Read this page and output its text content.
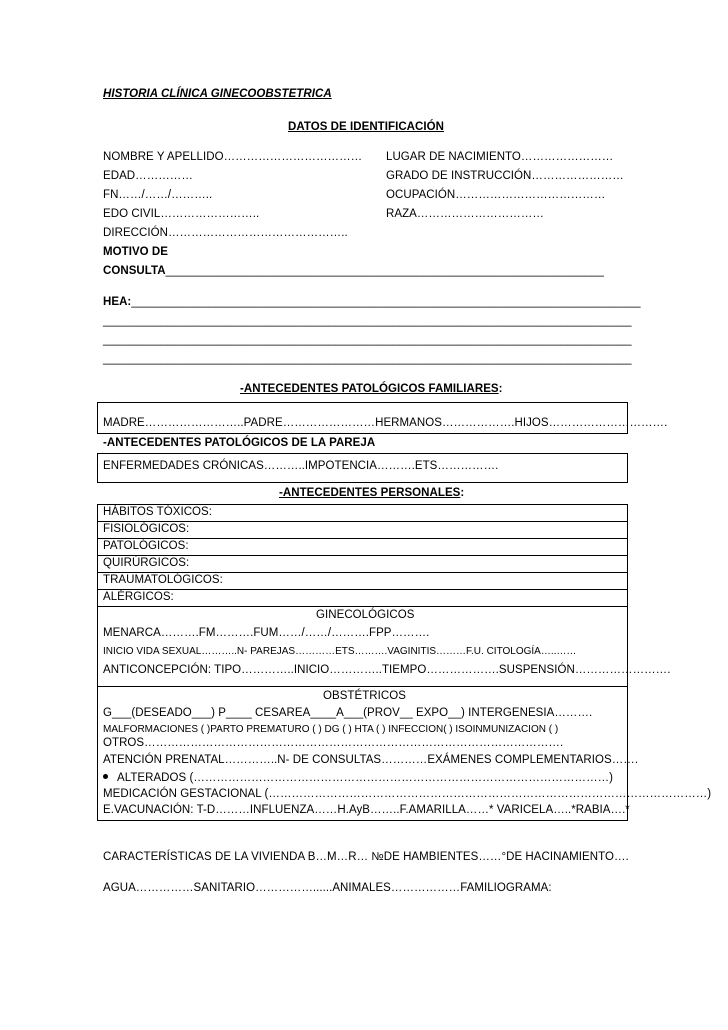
HISTORIA CLÍNICA GINECOOBSTETRICA
DATOS DE IDENTIFICACIÓN
NOMBRE Y APELLIDO………………………………
EDAD……………
FN……/……/………..
EDO CIVIL……………………..
DIRECCIÓN………………………………………..
LUGAR DE NACIMIENTO……………………
GRADO DE INSTRUCCIÓN……………………
OCUPACIÓN…………………………………
RAZA……………………………
MOTIVO DE
CONSULTA____________________________________________________________________
HEA:_______________________________________________________________________________
__________________________________________________________________________________
__________________________________________________________________________________
__________________________________________________________________________________
-ANTECEDENTES PATOLÓGICOS FAMILIARES:
MADRE……………………..PADRE……………………HERMANOS……………….HIJOS………………………….
-ANTECEDENTES PATOLÓGICOS DE LA PAREJA
ENFERMEDADES CRÓNICAS………..IMPOTENCIA……….ETS…………….
-ANTECEDENTES PERSONALES:
HÁBITOS TÓXICOS:
FISIOLÓGICOS:
PATOLÓGICOS:
QUIRÚRGICOS:
TRAUMATOLÓGICOS:
ALÉRGICOS:
GINECOLÓGICOS
MENARCA……….FM……….FUM……/……/……….FPP……….
INICIO VIDA SEXUAL………..N- PAREJAS…………ETS……….VAGINITIS………F.U. CITOLOGÍA…..……
ANTICONCEPCIÓN: TIPO…………..INICIO…………..TIEMPO……………….SUSPENSIÓN…………………….
OBSTÉTRICOS
G___(DESEADO___) P____ CESAREA____A___(PROV__ EXPO__) INTERGENESIA……….
MALFORMACIONES ( )PARTO PREMATURO ( ) DG ( ) HTA ( ) INFECCION( ) ISOINMUNIZACION ( )
OTROS……………………………………………………………………………………………….
ATENCIÓN PRENATAL…………..N- DE CONSULTAS…………EXÁMENES COMPLEMENTARIOS…….
ALTERADOS (………………………………………………………………………………………………)
MEDICACIÓN GESTACIONAL (……………………………………………………………………………………………………)
E.VACUNACIÓN: T-D………INFLUENZA……H.AyB……..F.AMARILLA……* VARICELA…..*RABIA….*
CARACTERÍSTICAS DE LA VIVIENDA B…M…R… №DE HAMBIENTES……°DE HACINAMIENTO….
AGUA……………SANITARIO……………......ANIMALES………………FAMILIOGRAMA:
